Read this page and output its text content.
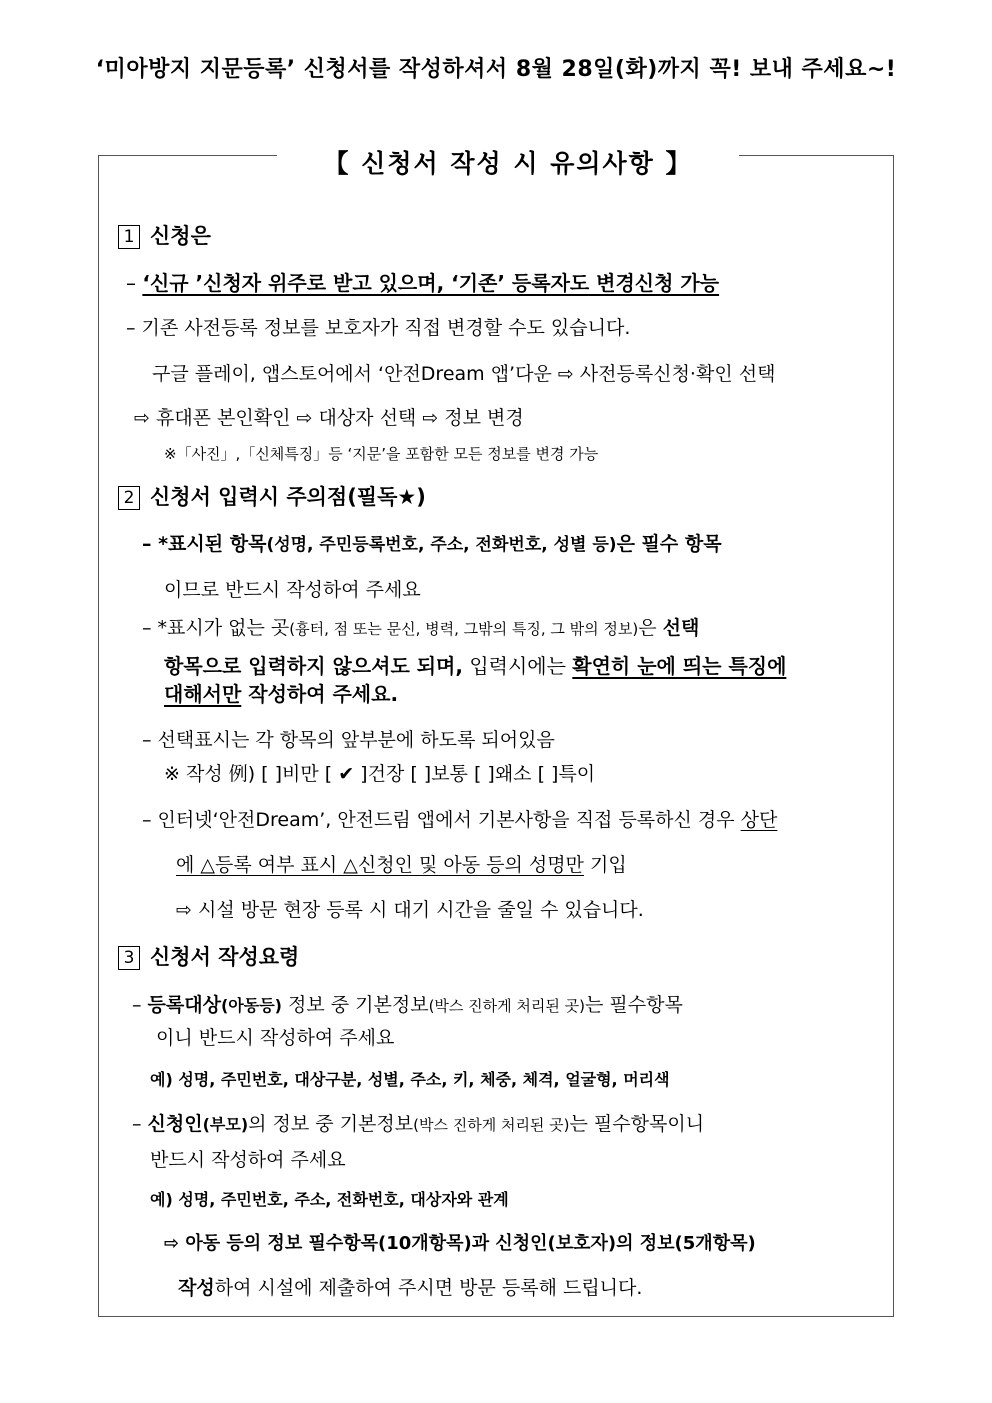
‘미아방지 지문등록’ 신청서를 작성하셔서 8월 28일(화)까지 꼭! 보내 주세요~!
【 신청서 작성 시 유의사항 】
1 신청은
– ‘신규 ’신청자 위주로 받고 있으며, ‘기존’ 등록자도 변경신청 가능
– 기존 사전등록 정보를 보호자가 직접 변경할 수도 있습니다.
구글 플레이, 앱스토어에서 ‘안전Dream 앱’다운 ⇨ 사전등록신청·확인 선택
⇨ 휴대폰 본인확인 ⇨ 대상자 선택 ⇨ 정보 변경
※「사진」,「신체특징」등 ‘지문’을 포함한 모든 정보를 변경 가능
2 신청서 입력시 주의점(필독★)
– *표시된 항목(성명, 주민등록번호, 주소, 전화번호, 성별 등)은 필수 항목
이므로 반드시 작성하여 주세요
– *표시가 없는 곳(흉터, 점 또는 문신, 병력, 그밖의 특징, 그 밖의 정보)은 선택
항목으로 입력하지 않으셔도 되며, 입력시에는 확연히 눈에 띄는 특징에
대해서만 작성하여 주세요.
– 선택표시는 각 항목의 앞부분에 하도록 되어있음
※ 작성 例) [ ]비만 [ ✔ ]건장 [ ]보통 [ ]왜소 [ ]특이
– 인터넷‘안전Dream’, 안전드림 앱에서 기본사항을 직접 등록하신 경우 상단
에 △등록 여부 표시 △신청인 및 아동 등의 성명만 기입
⇨ 시설 방문 현장 등록 시 대기 시간을 줄일 수 있습니다.
3 신청서 작성요령
– 등록대상(아동등) 정보 중 기본정보(박스 진하게 처리된 곳)는 필수항목
이니 반드시 작성하여 주세요
예) 성명, 주민번호, 대상구분, 성별, 주소, 키, 체중, 체격, 얼굴형, 머리색
– 신청인(부모)의 정보 중 기본정보(박스 진하게 처리된 곳)는 필수항목이니
반드시 작성하여 주세요
예) 성명, 주민번호, 주소, 전화번호, 대상자와 관계
⇨ 아동 등의 정보 필수항목(10개항목)과 신청인(보호자)의 정보(5개항목)
작성하여 시설에 제출하여 주시면 방문 등록해 드립니다.
